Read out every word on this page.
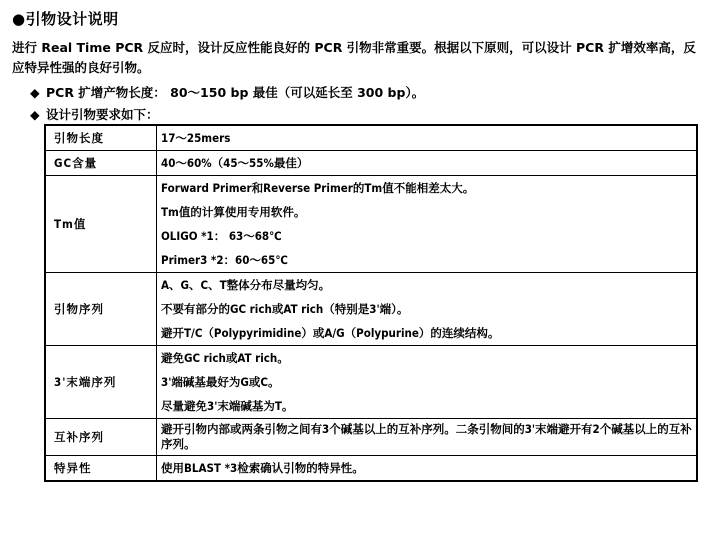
●引物设计说明
进行 Real Time PCR 反应时，设计反应性能良好的 PCR 引物非常重要。根据以下原则，可以设计 PCR 扩增效率高，反应特异性强的良好引物。
◆ PCR 扩增产物长度： 80～150 bp 最佳（可以延长至 300 bp）。
◆ 设计引物要求如下：
引物长度	17～25mers

GC含量	40～60%（45～55%最佳）

Tm值	Forward Primer和Reverse Primer的Tm值不能相差太大。
Tm值的计算使用专用软件。
OLIGO *1： 63～68℃
Primer3 *2：60～65℃

引物序列	A、G、C、T整体分布尽量均匀。
不要有部分的GC rich或AT rich（特别是3'端）。
避开T/C（Polypyrimidine）或A/G（Polypurine）的连续结构。

3'末端序列	避免GC rich或AT rich。
3'端碱基最好为G或C。
尽量避免3'末端碱基为T。

互补序列	避开引物内部或两条引物之间有3个碱基以上的互补序列。二条引物间的3'末端避开有2个碱基以上的互补序列。

特异性	使用BLAST *3检索确认引物的特异性。
